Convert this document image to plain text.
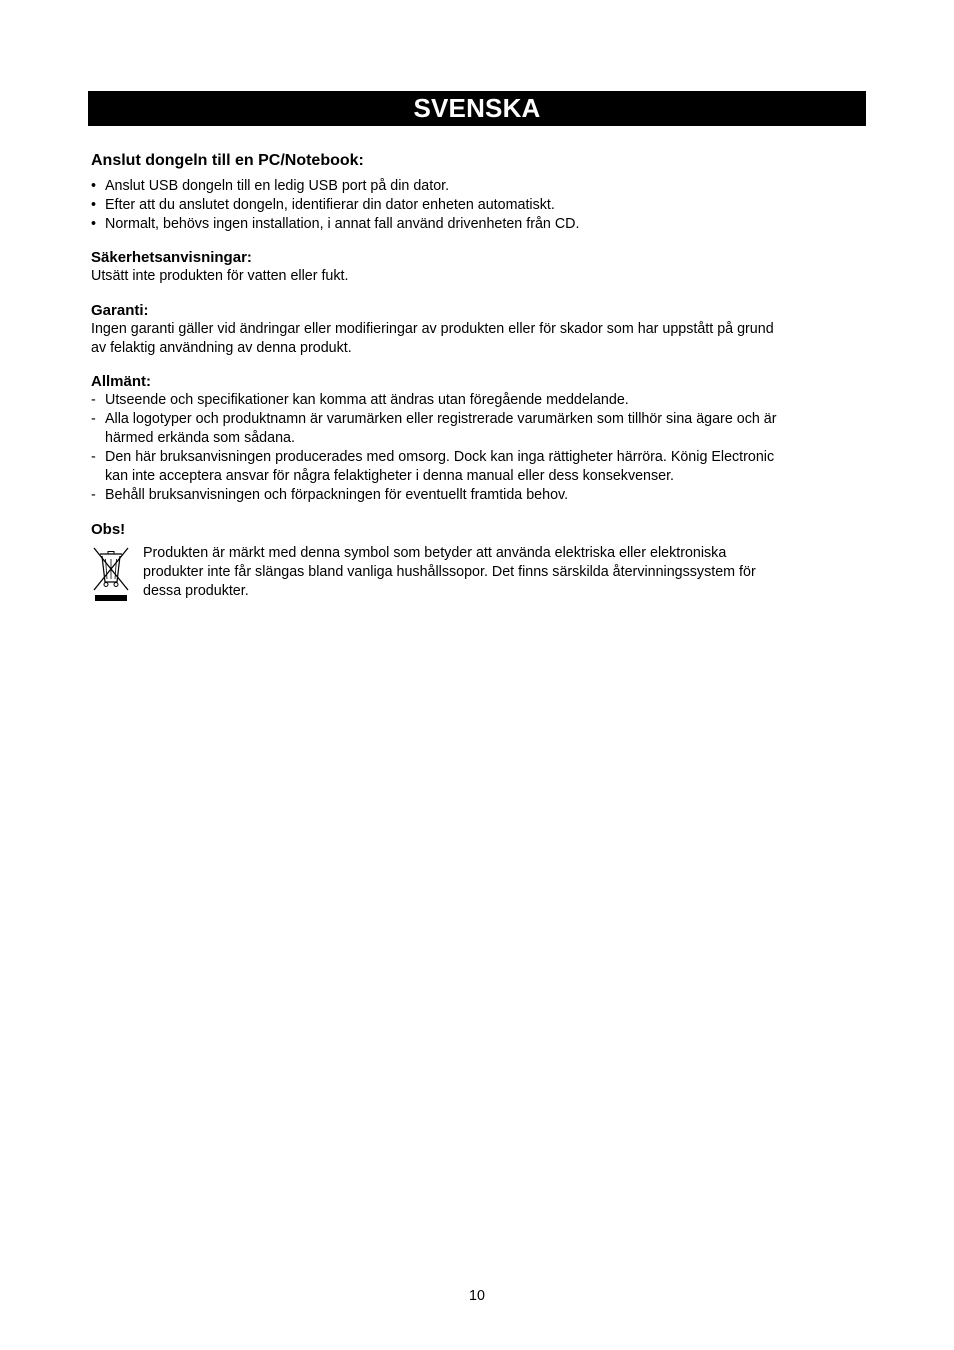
SVENSKA
Anslut dongeln till en PC/Notebook:
• Anslut USB dongeln till en ledig USB port på din dator.
• Efter att du anslutet dongeln, identifierar din dator enheten automatiskt.
• Normalt, behövs ingen installation, i annat fall använd drivenheten från CD.
Säkerhetsanvisningar:

Utsätt inte produkten för vatten eller fukt.

Garanti:

Ingen garanti gäller vid ändringar eller modifieringar av produkten eller för skador som har uppstått på grund
av felaktig användning av denna produkt.

Allmänt:
- Utseende och specifikationer kan komma att ändras utan föregående meddelande.
- Alla logotyper och produktnamn är varumärken eller registrerade varumärken som tillhör sina ägare och är
härmed erkända som sådana.
- Den här bruksanvisningen producerades med omsorg. Dock kan inga rättigheter härröra. König Electronic
kan inte acceptera ansvar för några felaktigheter i denna manual eller dess konsekvenser.
- Behåll bruksanvisningen och förpackningen för eventuellt framtida behov.
Obs!
Produkten är märkt med denna symbol som betyder att använda elektriska eller elektroniska
produkter inte får slängas bland vanliga hushållssopor. Det finns särskilda återvinningssystem för
dessa produkter.
10
